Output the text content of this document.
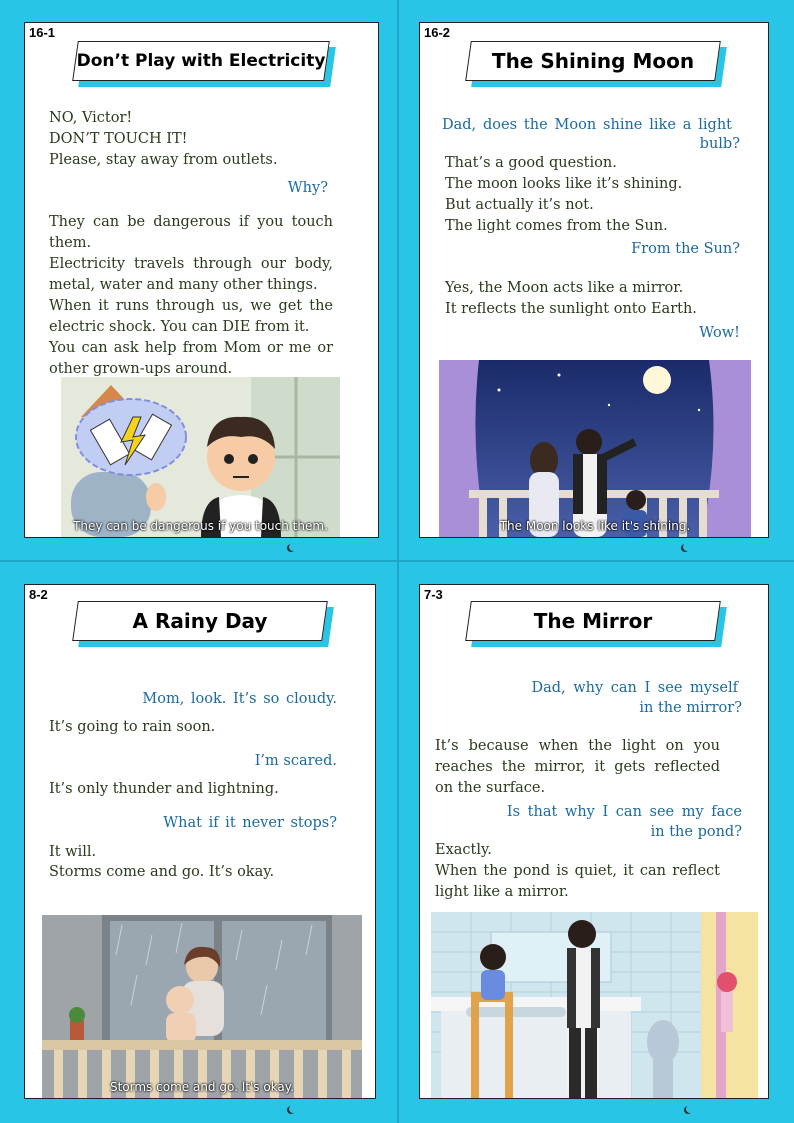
16-1
Don’t Play with Electricity

NO, Victor!

DON’T TOUCH IT!

Please, stay away from outlets.

Why?

They can be dangerous if you touch them.

Electricity travels through our body, metal, water and many other things.

When it runs through us, we get the electric shock. You can DIE from it.

You can ask help from Mom or me or other grown-ups around.

They can be dangerous if you touch them.
16-2
The Shining Moon

Dad, does the Moon shine like a light

bulb?

That’s a good question.

The moon looks like it’s shining.

But actually it’s not.

The light comes from the Sun.

From the Sun?

Yes, the Moon acts like a mirror.

It reflects the sunlight onto Earth.

Wow!

The Moon looks like it's shining.
8-2
A Rainy Day

Mom, look. It’s so cloudy.

It’s going to rain soon.

I’m scared.

It’s only thunder and lightning.

What if it never stops?

It will.

Storms come and go. It’s okay.

Storms come and go. It's okay.
7-3
The Mirror

Dad, why can I see myself

in the mirror?

It’s because when the light on you reaches the mirror, it gets reflected on the surface.

Is that why I can see my face

in the pond?

Exactly.

When the pond is quiet, it can reflect light like a mirror.
